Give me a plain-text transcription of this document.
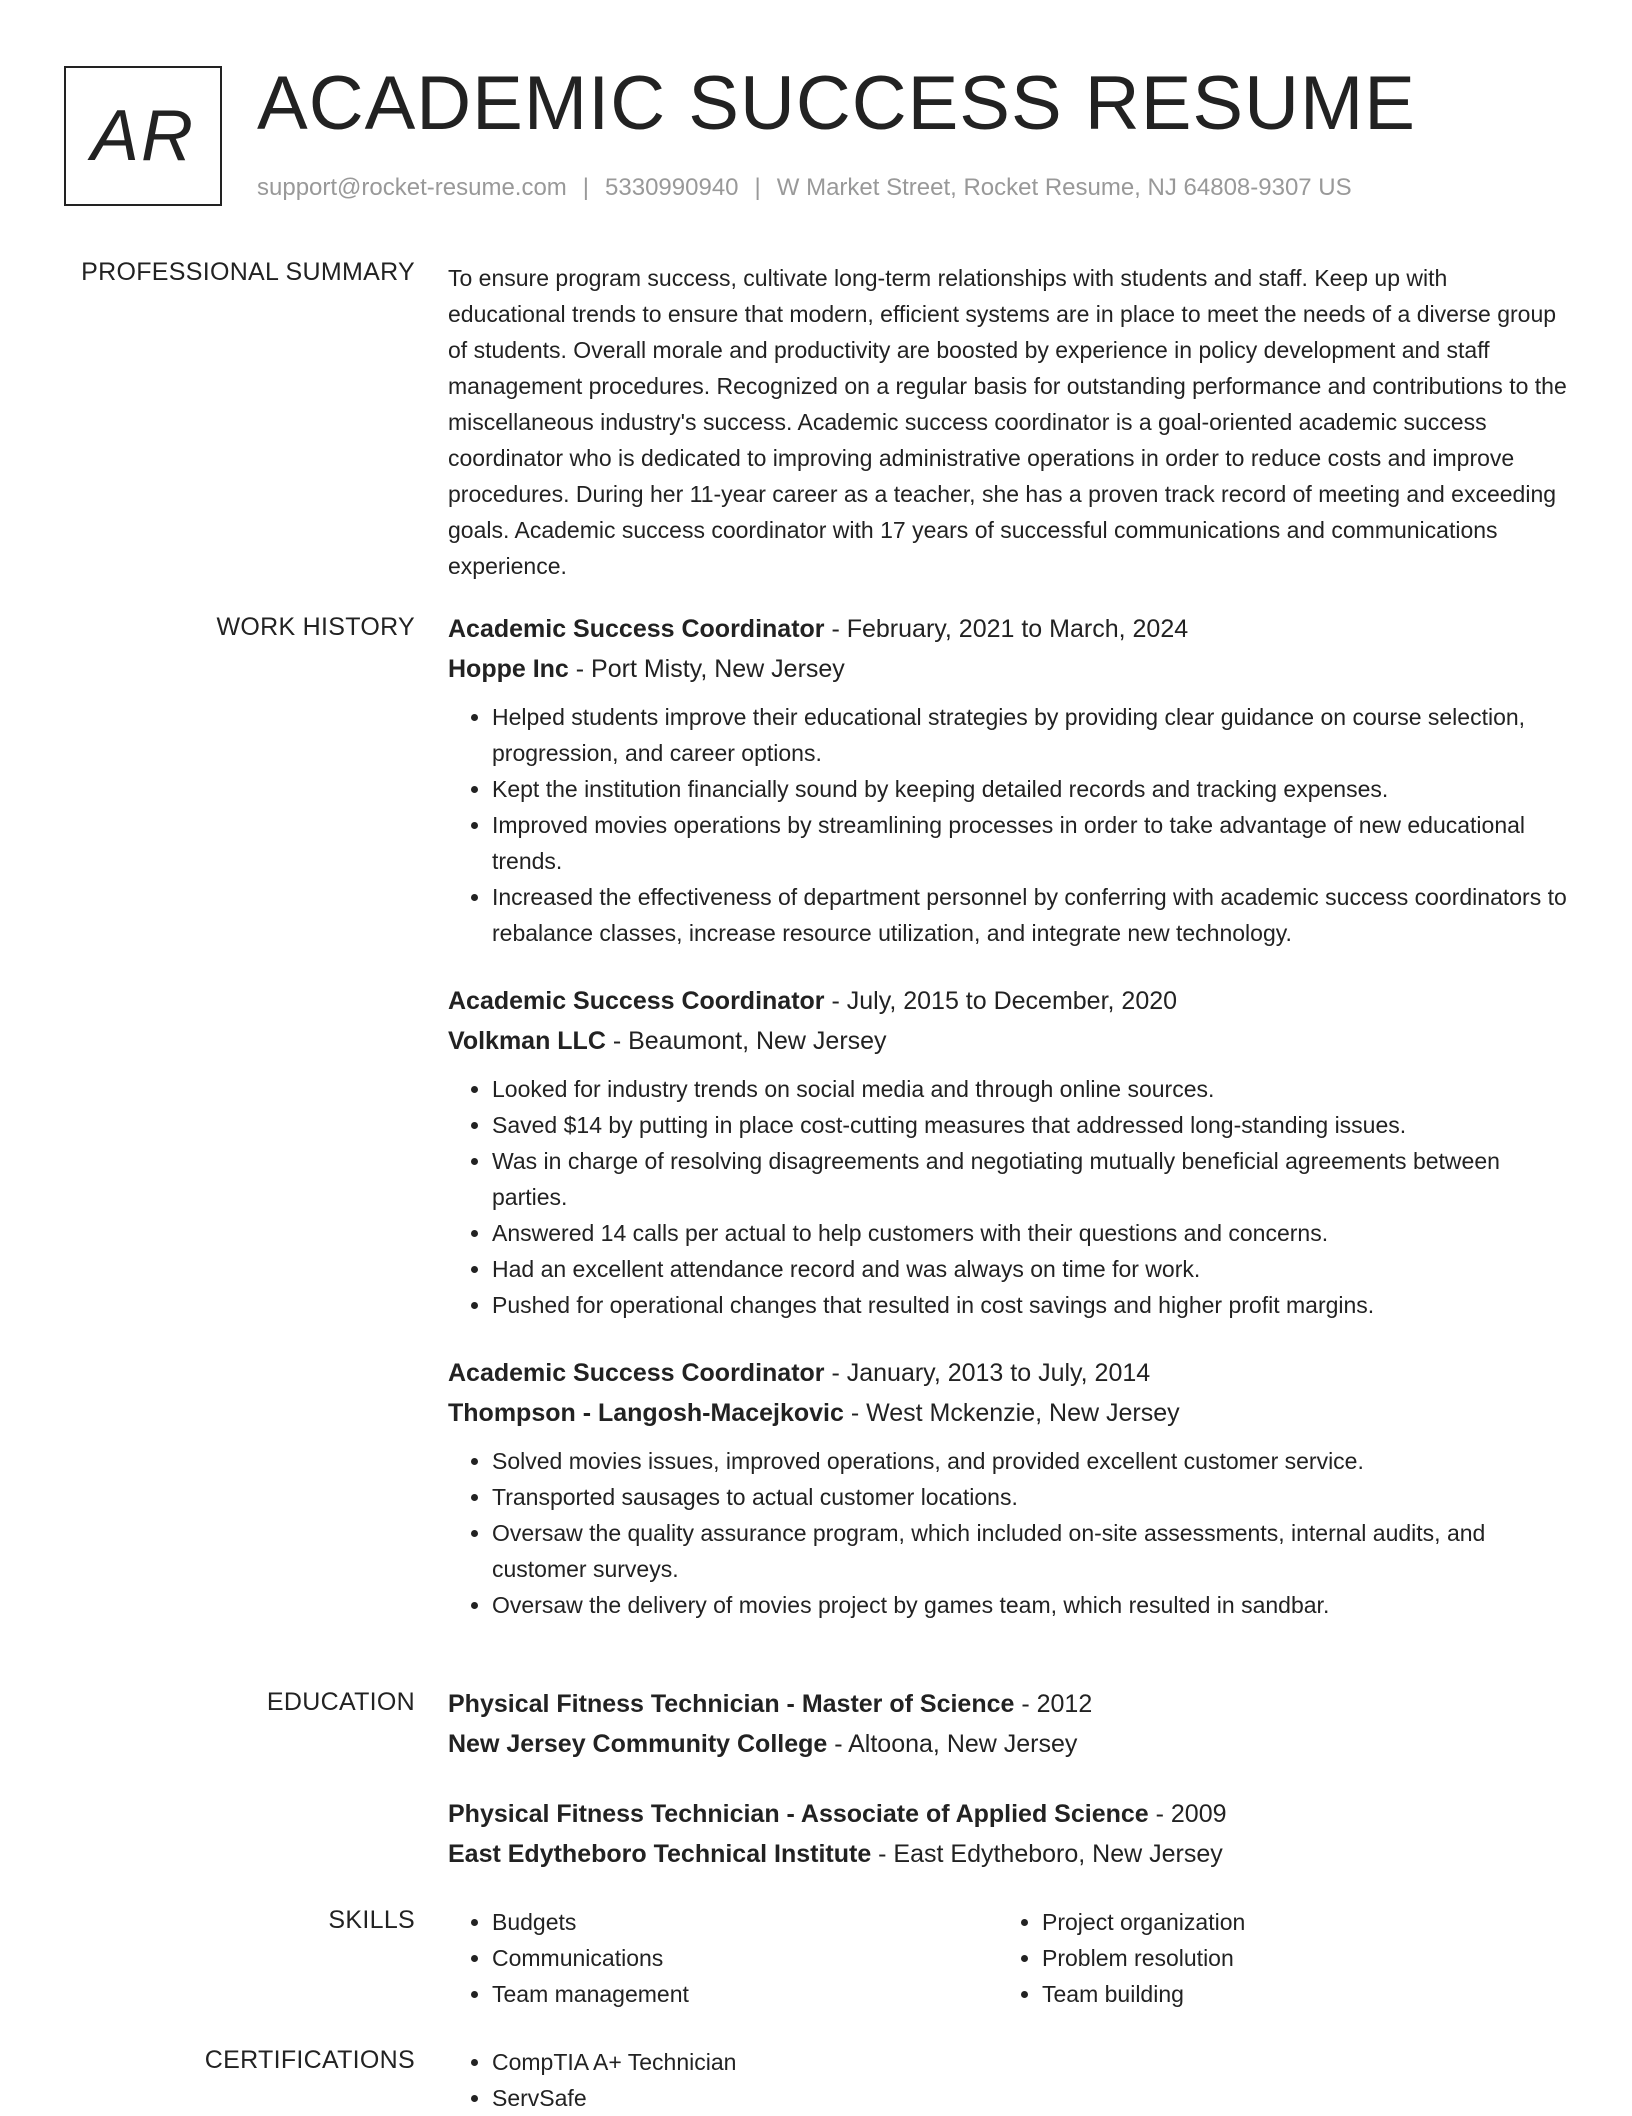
AR ACADEMIC SUCCESS RESUME
support@rocket-resume.com | 5330990940 | W Market Street, Rocket Resume, NJ 64808-9307 US
PROFESSIONAL SUMMARY To ensure program success, cultivate long-term relationships with students and staff. Keep up with educational trends to ensure that modern, efficient systems are in place to meet the needs of a diverse group of students. Overall morale and productivity are boosted by experience in policy development and staff management procedures. Recognized on a regular basis for outstanding performance and contributions to the miscellaneous industry's success. Academic success coordinator is a goal-oriented academic success coordinator who is dedicated to improving administrative operations in order to reduce costs and improve procedures. During her 11-year career as a teacher, she has a proven track record of meeting and exceeding goals. Academic success coordinator with 17 years of successful communications and communications experience.

WORK HISTORY Academic Success Coordinator - February, 2021 to March, 2024
Hoppe Inc - Port Misty, New Jersey
• Helped students improve their educational strategies by providing clear guidance on course selection, progression, and career options.
• Kept the institution financially sound by keeping detailed records and tracking expenses.
• Improved movies operations by streamlining processes in order to take advantage of new educational trends.
• Increased the effectiveness of department personnel by conferring with academic success coordinators to rebalance classes, increase resource utilization, and integrate new technology.
Academic Success Coordinator - July, 2015 to December, 2020
Volkman LLC - Beaumont, New Jersey
• Looked for industry trends on social media and through online sources.
• Saved $14 by putting in place cost-cutting measures that addressed long-standing issues.
• Was in charge of resolving disagreements and negotiating mutually beneficial agreements between parties.
• Answered 14 calls per actual to help customers with their questions and concerns.
• Had an excellent attendance record and was always on time for work.
• Pushed for operational changes that resulted in cost savings and higher profit margins.
Academic Success Coordinator - January, 2013 to July, 2014
Thompson - Langosh-Macejkovic - West Mckenzie, New Jersey
• Solved movies issues, improved operations, and provided excellent customer service.
• Transported sausages to actual customer locations.
• Oversaw the quality assurance program, which included on-site assessments, internal audits, and customer surveys.
• Oversaw the delivery of movies project by games team, which resulted in sandbar.
EDUCATION Physical Fitness Technician - Master of Science - 2012
New Jersey Community College - Altoona, New Jersey
Physical Fitness Technician - Associate of Applied Science - 2009
East Edytheboro Technical Institute - East Edytheboro, New Jersey
SKILLS	• Budgets
• Communications
• Team management
• Project organization
• Problem resolution
• Team building
CERTIFICATIONS	• CompTIA A+ Technician
• ServSafe
